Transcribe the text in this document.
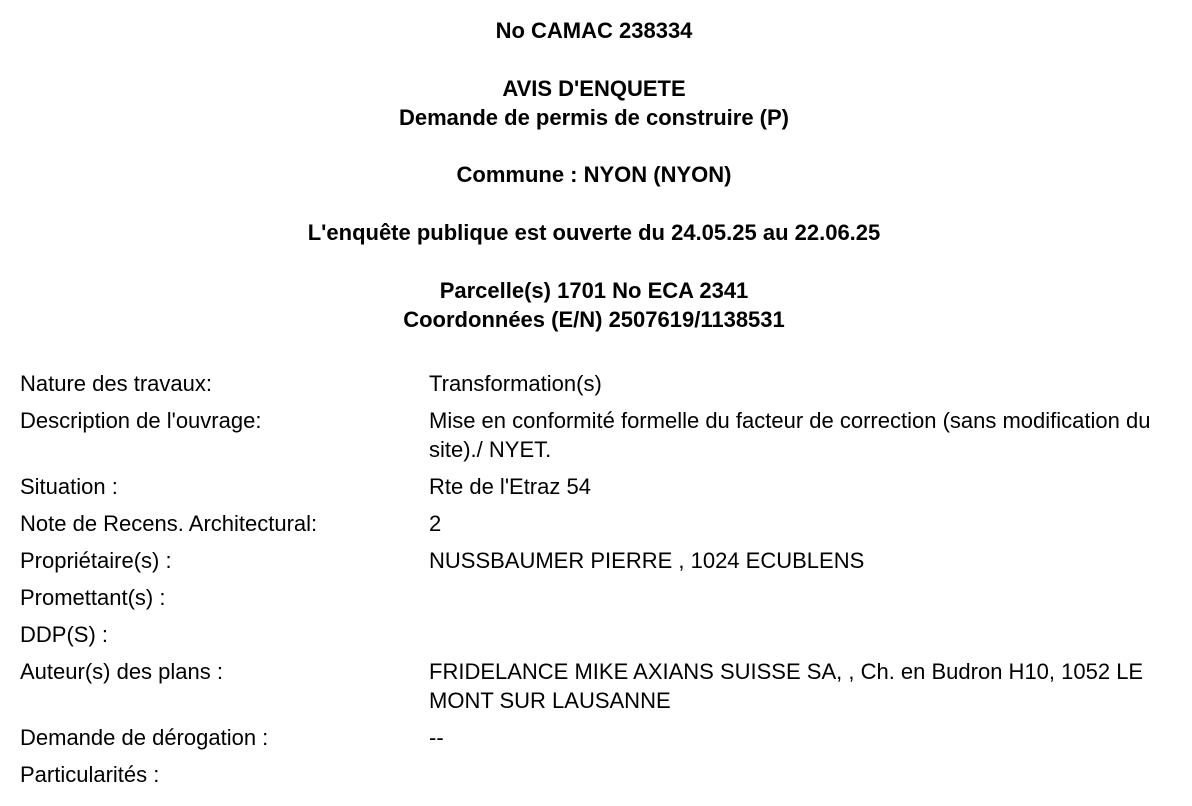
No CAMAC 238334

AVIS D'ENQUETE

Demande de permis de construire (P)

Commune : NYON (NYON)

L'enquête publique est ouverte du 24.05.25 au 22.06.25

Parcelle(s) 1701 No ECA 2341

Coordonnées (E/N) 2507619/1138531

Nature des travaux:	Transformation(s)
Description de l'ouvrage:	Mise en conformité formelle du facteur de correction (sans modification du site)./ NYET.
Situation :	Rte de l'Etraz 54
Note de Recens. Architectural:	2
Propriétaire(s) :	NUSSBAUMER PIERRE , 1024 ECUBLENS
Promettant(s) :
DDP(S) :
Auteur(s) des plans :	FRIDELANCE MIKE AXIANS SUISSE SA, , Ch. en Budron H10, 1052 LE MONT SUR LAUSANNE
Demande de dérogation :	--
Particularités :
